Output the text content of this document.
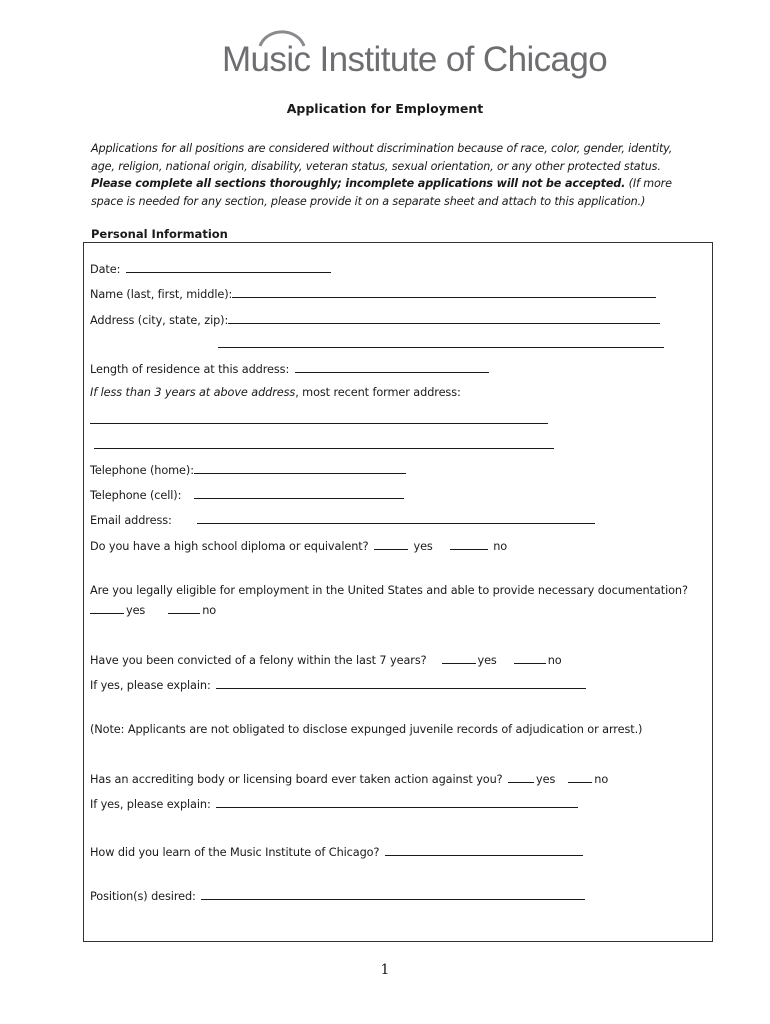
Music Institute of Chicago
Application for Employment
Applications for all positions are considered without discrimination because of race, color, gender, identity, age, religion, national origin, disability, veteran status, sexual orientation, or any other protected status. Please complete all sections thoroughly; incomplete applications will not be accepted. (If more space is needed for any section, please provide it on a separate sheet and attach to this application.)
Personal Information
Date:
Name (last, first, middle):
Address (city, state, zip):
Length of residence at this address:
If less than 3 years at above address, most recent former address:
Telephone (home):
Telephone (cell):
Email address:
Do you have a high school diploma or equivalent?	yes	no
Are you legally eligible for employment in the United States and able to provide necessary documentation?
yes	no
Have you been convicted of a felony within the last 7 years?	yes	no
If yes, please explain:
(Note: Applicants are not obligated to disclose expunged juvenile records of adjudication or arrest.)
Has an accrediting body or licensing board ever taken action against you?	yes	no
If yes, please explain:
How did you learn of the Music Institute of Chicago?
Position(s) desired:
1
